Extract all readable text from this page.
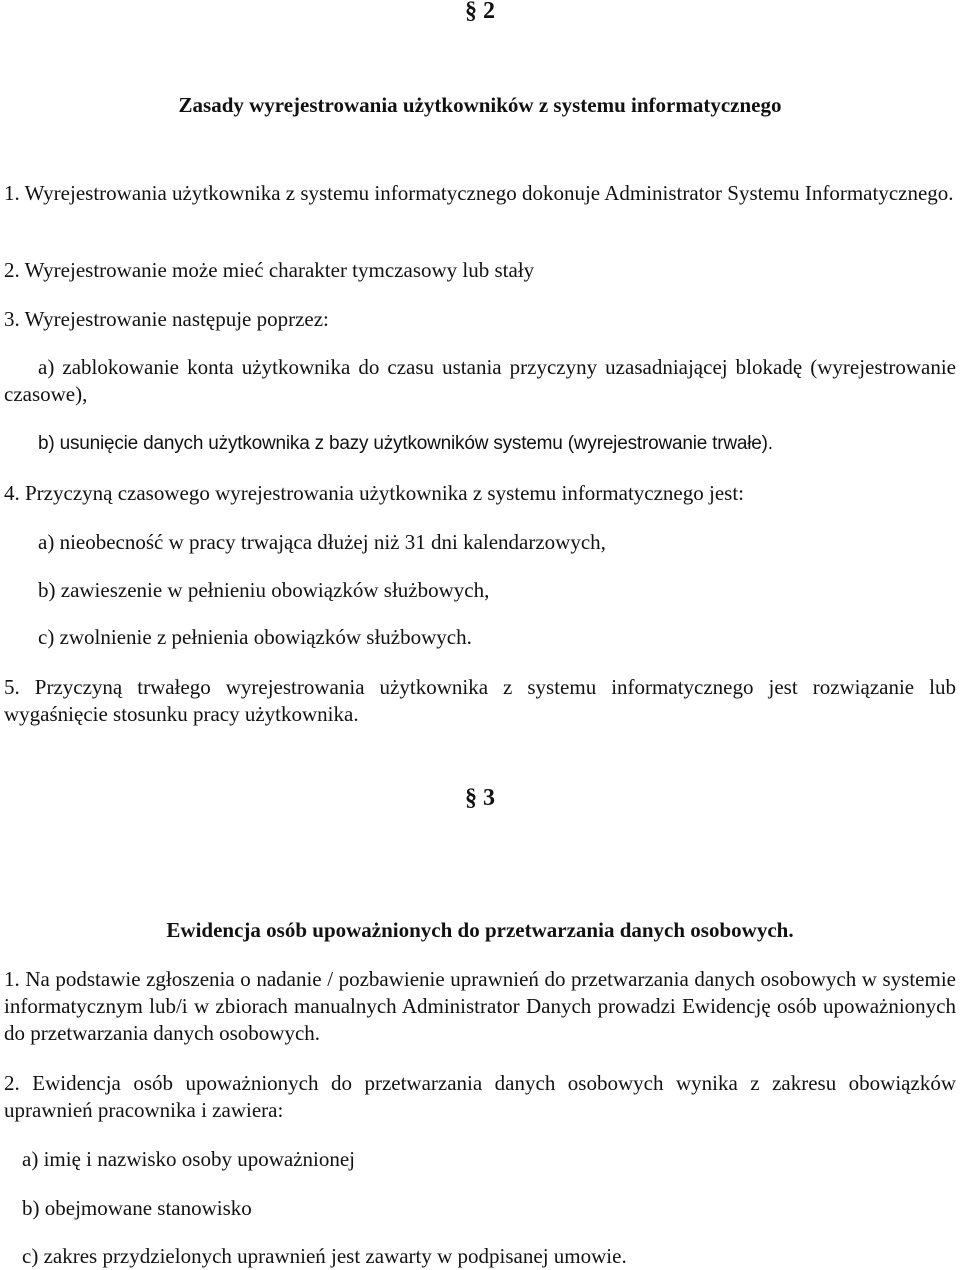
§ 2

Zasady wyrejestrowania użytkowników z systemu informatycznego

1. Wyrejestrowania użytkownika z systemu informatycznego dokonuje Administrator Systemu Informatycznego.

2. Wyrejestrowanie może mieć charakter tymczasowy lub stały

3. Wyrejestrowanie następuje poprzez:

a) zablokowanie konta użytkownika do czasu ustania przyczyny uzasadniającej blokadę (wyrejestrowanie czasowe),

b) usunięcie danych użytkownika z bazy użytkowników systemu (wyrejestrowanie trwałe).

4. Przyczyną czasowego wyrejestrowania użytkownika z systemu informatycznego jest:

a) nieobecność w pracy trwająca dłużej niż 31 dni kalendarzowych,

b) zawieszenie w pełnieniu obowiązków służbowych,

c) zwolnienie z pełnienia obowiązków służbowych.

5. Przyczyną trwałego wyrejestrowania użytkownika z systemu informatycznego jest rozwiązanie lub wygaśnięcie stosunku pracy użytkownika.

§ 3

Ewidencja osób upoważnionych do przetwarzania danych osobowych.

1. Na podstawie zgłoszenia o nadanie / pozbawienie uprawnień do przetwarzania danych osobowych w systemie informatycznym lub/i w zbiorach manualnych Administrator Danych prowadzi Ewidencję osób upoważnionych do przetwarzania danych osobowych.

2. Ewidencja osób upoważnionych do przetwarzania danych osobowych wynika z zakresu obowiązków uprawnień pracownika i zawiera:

a) imię i nazwisko osoby upoważnionej

b) obejmowane stanowisko

c) zakres przydzielonych uprawnień jest zawarty w podpisanej umowie.
